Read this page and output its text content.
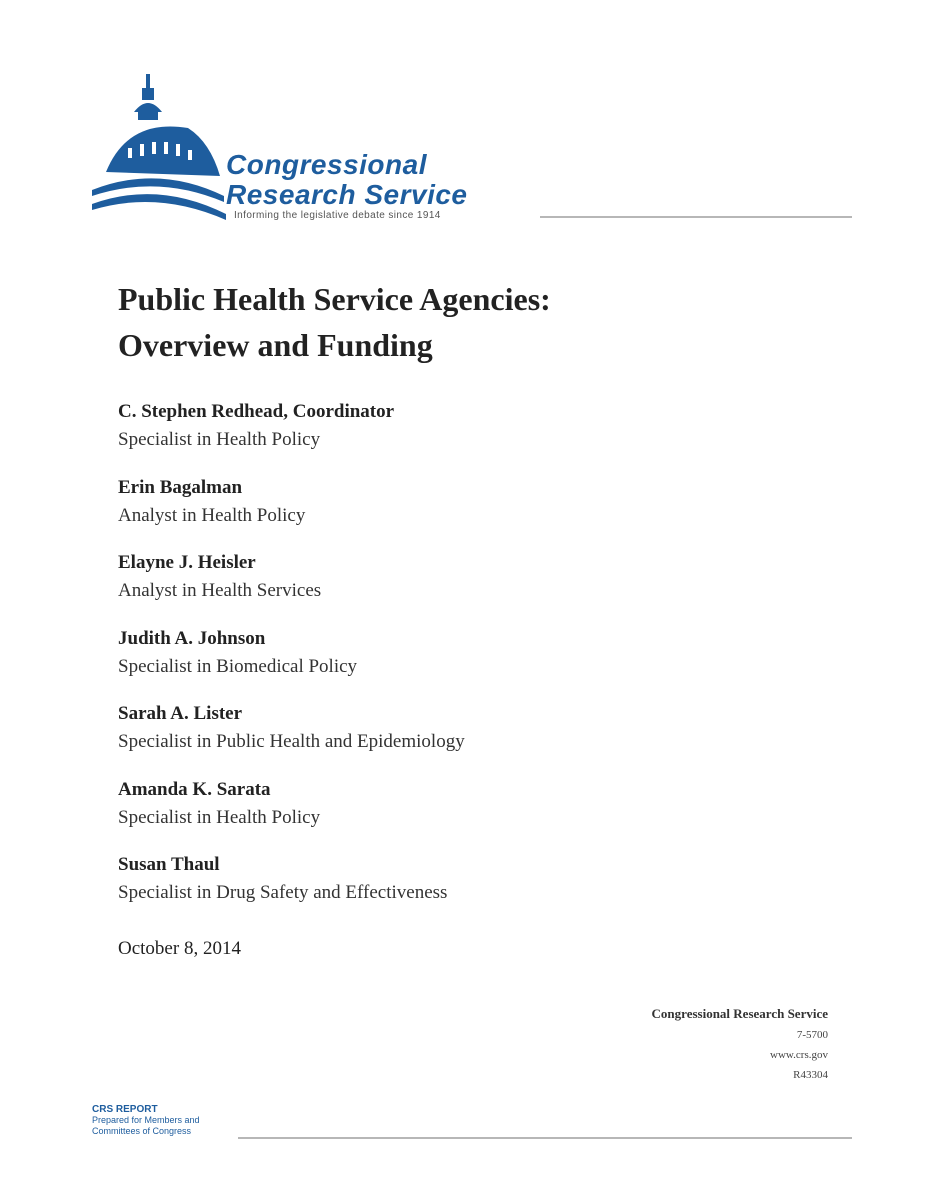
Congressional
Research Service
Informing the legislative debate since 1914
Public Health Service Agencies:
Overview and Funding
C. Stephen Redhead, Coordinator
Specialist in Health Policy
Erin Bagalman
Analyst in Health Policy
Elayne J. Heisler
Analyst in Health Services
Judith A. Johnson
Specialist in Biomedical Policy
Sarah A. Lister
Specialist in Public Health and Epidemiology
Amanda K. Sarata
Specialist in Health Policy
Susan Thaul
Specialist in Drug Safety and Effectiveness
October 8, 2014
Congressional Research Service
7-5700
www.crs.gov
R43304
CRS REPORT
Prepared for Members and
Committees of Congress
